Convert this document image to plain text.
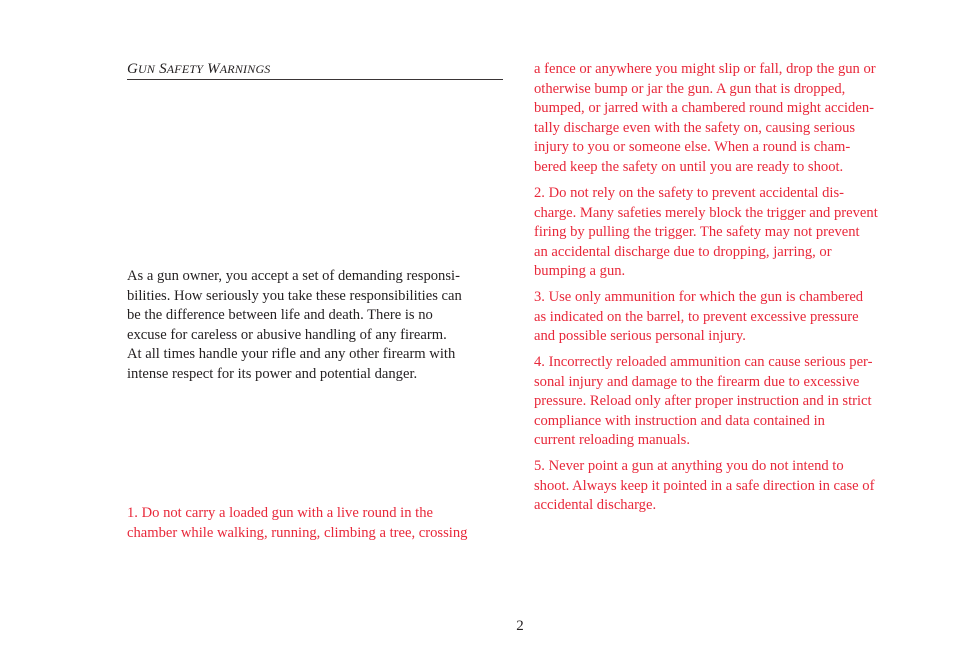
GUN SAFETY WARNINGS

As a gun owner, you accept a set of demanding responsi-
bilities. How seriously you take these responsibilities can
be the difference between life and death. There is no
excuse for careless or abusive handling of any firearm.
At all times handle your rifle and any other firearm with
intense respect for its power and potential danger.

1. Do not carry a loaded gun with a live round in the
chamber while walking, running, climbing a tree, crossing

a fence or anywhere you might slip or fall, drop the gun or
otherwise bump or jar the gun. A gun that is dropped,
bumped, or jarred with a chambered round might acciden-
tally discharge even with the safety on, causing serious
injury to you or someone else. When a round is cham-
bered keep the safety on until you are ready to shoot.

2. Do not rely on the safety to prevent accidental dis-
charge. Many safeties merely block the trigger and prevent
firing by pulling the trigger. The safety may not prevent
an accidental discharge due to dropping, jarring, or
bumping a gun.

3. Use only ammunition for which the gun is chambered
as indicated on the barrel, to prevent excessive pressure
and possible serious personal injury.

4. Incorrectly reloaded ammunition can cause serious per-
sonal injury and damage to the firearm due to excessive
pressure. Reload only after proper instruction and in strict
compliance with instruction and data contained in
current reloading manuals.

5. Never point a gun at anything you do not intend to
shoot. Always keep it pointed in a safe direction in case of
accidental discharge.

2
